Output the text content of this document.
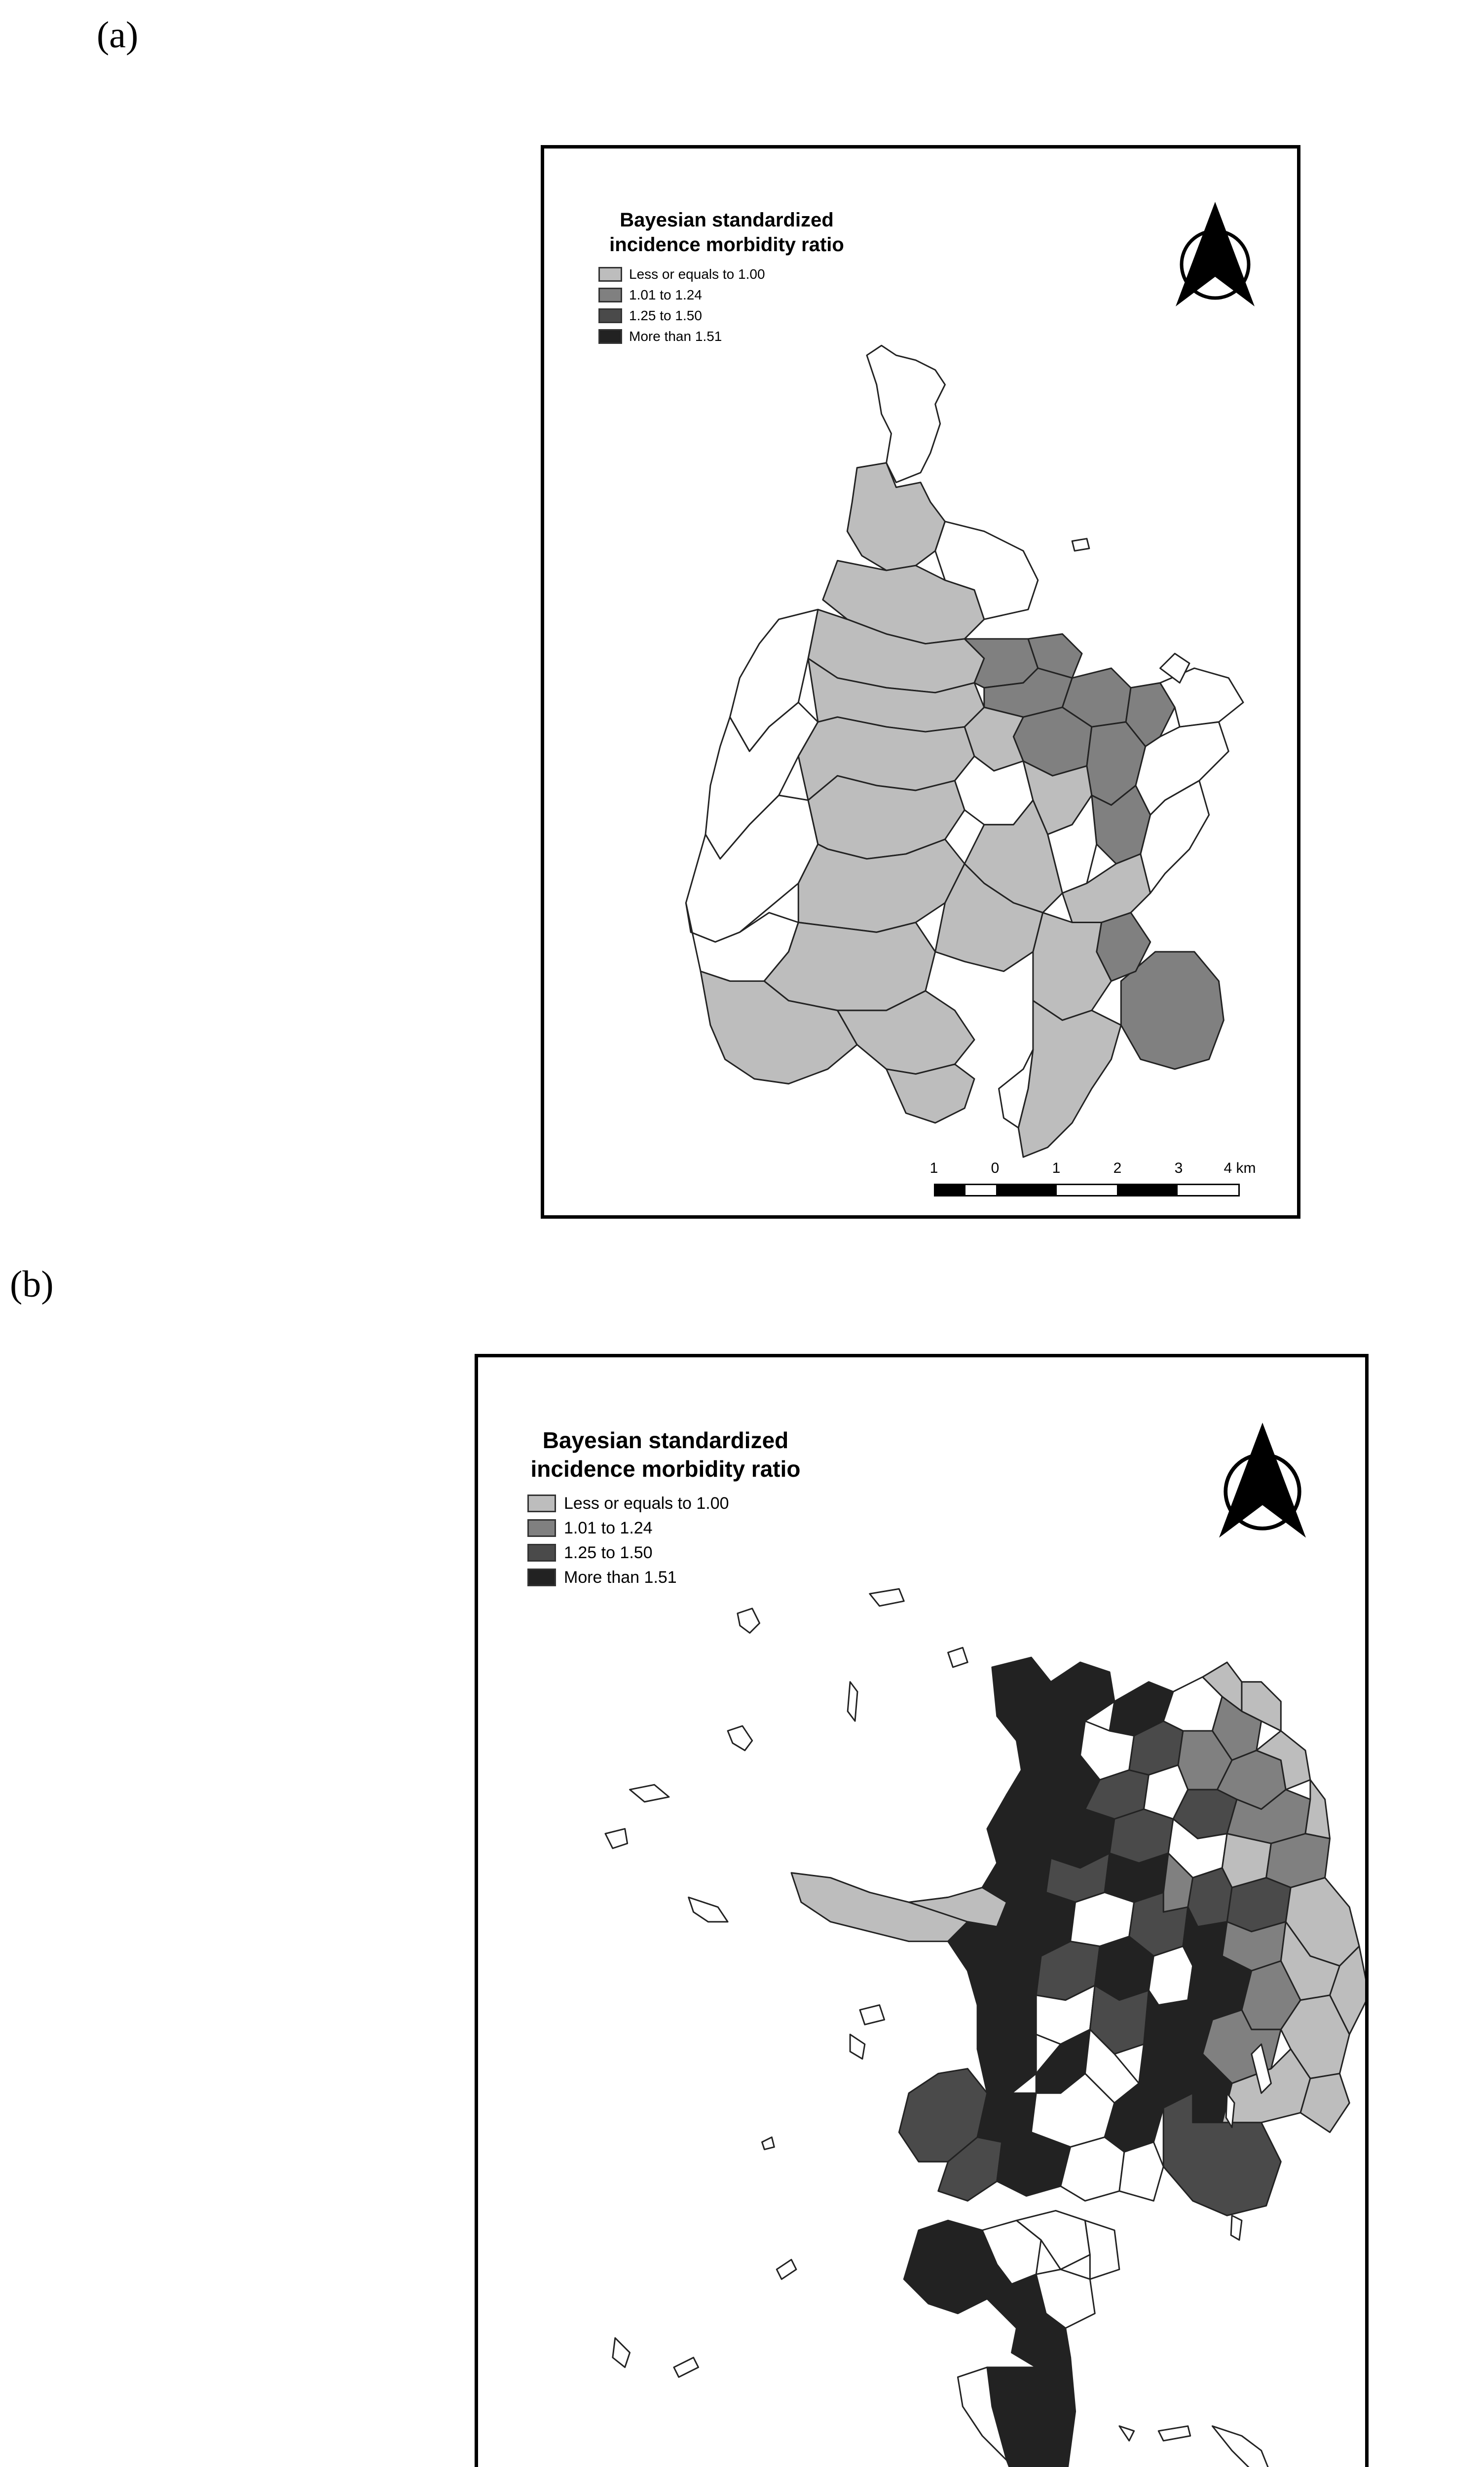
(a)
Bayesian standardized
incidence morbidity ratio
Less or equals to 1.00
1.01 to 1.24
1.25 to 1.50
More than 1.51
1	0	1	2	3	4 km
(b)
Bayesian standardized
incidence morbidity ratio
Less or equals to 1.00
1.01 to 1.24
1.25 to 1.50
More than 1.51
